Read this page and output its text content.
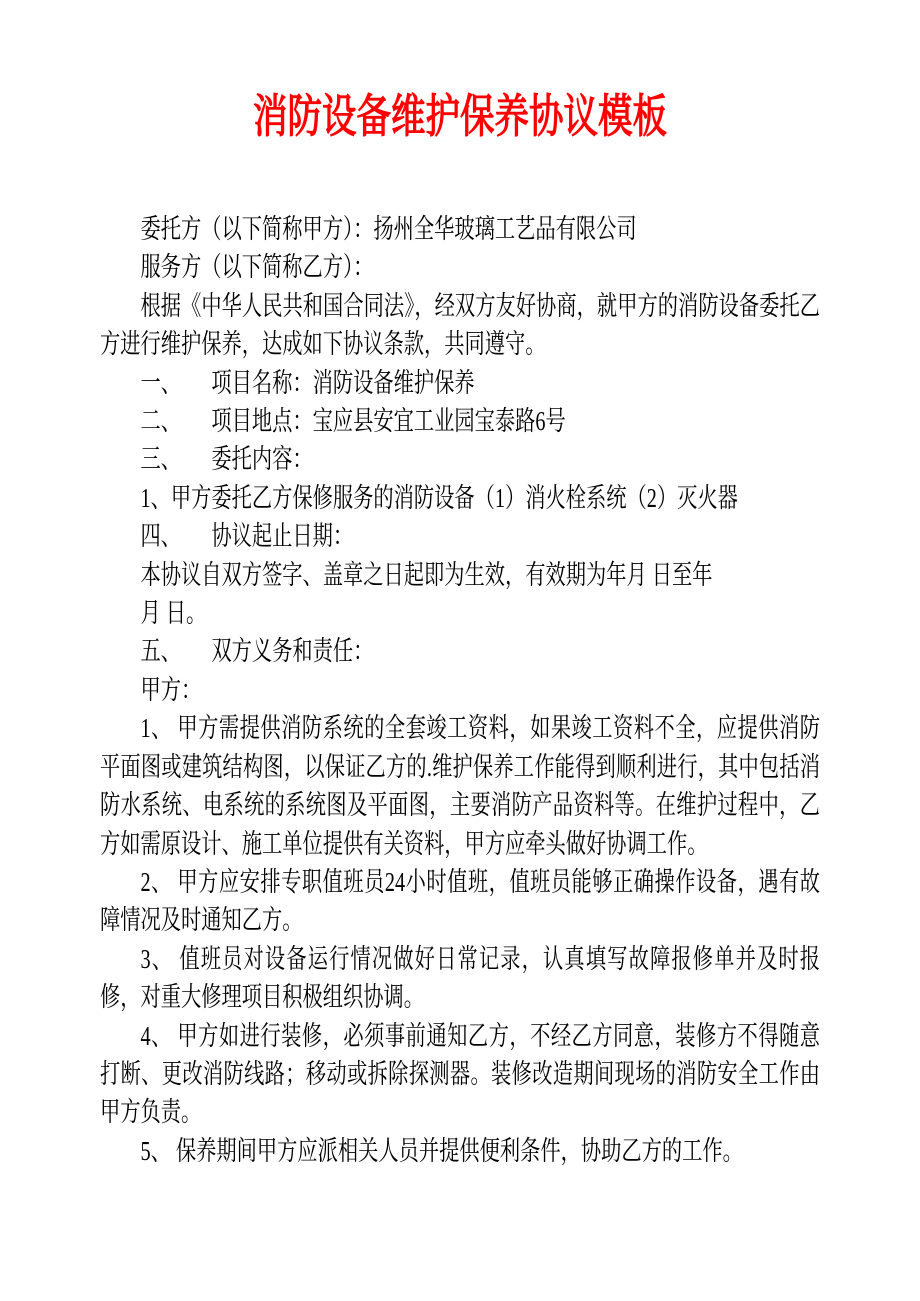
消防设备维护保养协议模板

委托方（以下简称甲方）：扬州全华玻璃工艺品有限公司

服务方（以下简称乙方）：

根据《中华人民共和国合同法》，经双方友好协商，就甲方的消防设备委托乙方进行维护保养，达成如下协议条款，共同遵守。

一、　　项目名称：消防设备维护保养

二、　　项目地点：宝应县安宜工业园宝泰路6号

三、　　委托内容：

1、甲方委托乙方保修服务的消防设备（1）消火栓系统（2）灭火器

四、　　协议起止日期：

本协议自双方签字、盖章之日起即为生效，有效期为年月 日至年

月 日。

五、　　双方义务和责任：

甲方：

1、 甲方需提供消防系统的全套竣工资料，如果竣工资料不全，应提供消防平面图或建筑结构图，以保证乙方的.维护保养工作能得到顺利进行，其中包括消防水系统、电系统的系统图及平面图，主要消防产品资料等。在维护过程中，乙方如需原设计、施工单位提供有关资料，甲方应牵头做好协调工作。

2、 甲方应安排专职值班员24小时值班，值班员能够正确操作设备，遇有故障情况及时通知乙方。

3、 值班员对设备运行情况做好日常记录，认真填写故障报修单并及时报修，对重大修理项目积极组织协调。

4、 甲方如进行装修，必须事前通知乙方，不经乙方同意，装修方不得随意打断、更改消防线路；移动或拆除探测器。装修改造期间现场的消防安全工作由甲方负责。

5、 保养期间甲方应派相关人员并提供便利条件，协助乙方的工作。
